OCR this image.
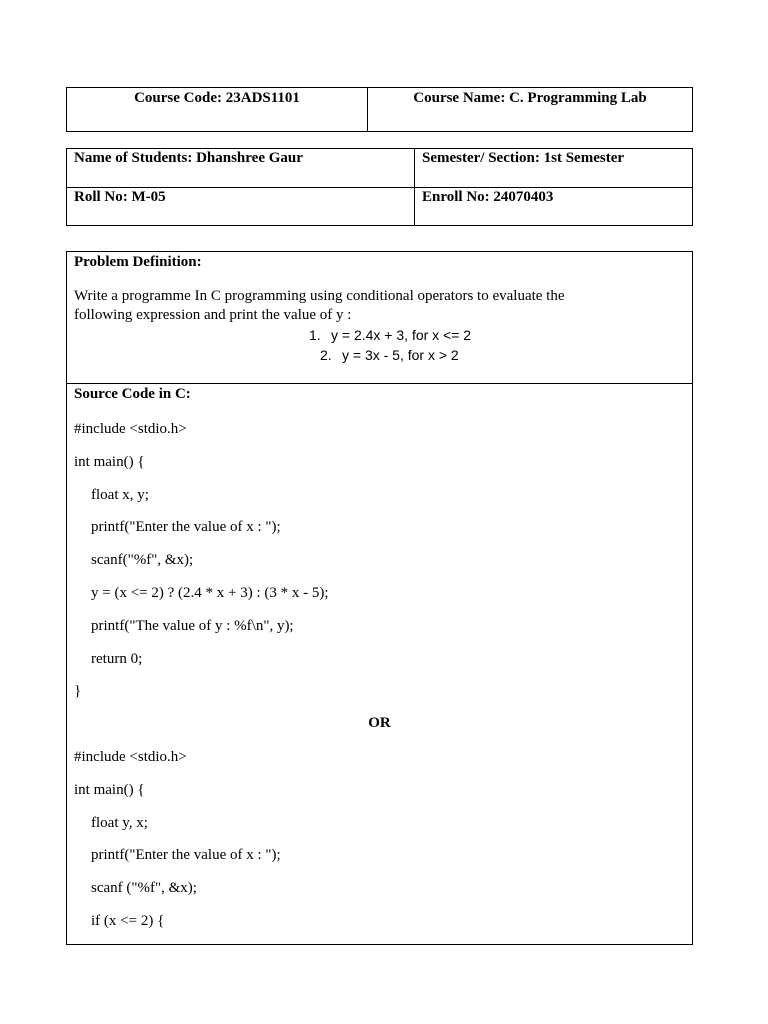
Course Code: 23ADS1101	Course Name: C. Programming Lab
Name of Students: Dhanshree Gaur	Semester/ Section: 1st Semester
Roll No: M-05	Enroll No: 24070403
Problem Definition:
Write a programme In C programming using conditional operators to evaluate the
following expression and print the value of y :
1. y = 2.4x + 3, for x <= 2
2. y = 3x - 5, for x > 2
Source Code in C:
#include <stdio.h>
int main() {
float x, y;
printf("Enter the value of x : ");
scanf("%f", &x);
y = (x <= 2) ? (2.4 * x + 3) : (3 * x - 5);
printf("The value of y : %f\n", y);
return 0;
}
OR
#include <stdio.h>
int main() {
float y, x;
printf("Enter the value of x : ");
scanf ("%f", &x);
if (x <= 2) {
